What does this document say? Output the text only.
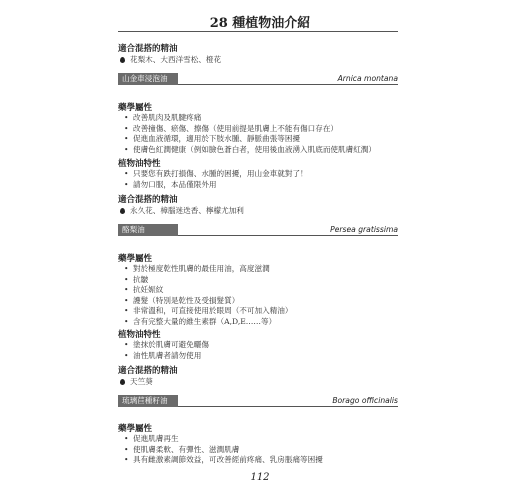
28 種植物油介紹
適合混搭的精油
花梨木、大西洋雪松、橙花
山金車浸泡油	Arnica montana
藥學屬性
• 改善肌肉及肌腱疼痛
• 改善撞傷、瘀傷、擦傷（使用前提是肌膚上不能有傷口存在）
• 促進血液循環，適用於下肢水腫、靜脈曲張等困擾
• 使膚色紅潤健康（例如臉色蒼白者，使用後血液湧入肌底而使肌膚紅潤）
植物油特性
• 只要您有跌打損傷、水腫的困擾，用山金車就對了！
• 請勿口服，本品僅限外用
適合混搭的精油
永久花、樟腦迷迭香、檸檬尤加利
酪梨油	Persea gratissima
藥學屬性
• 對於極度乾性肌膚的最佳用油，高度滋潤
• 抗皺
• 抗妊娠紋
• 護髮（特別是乾性及受損髮質）
• 非常溫和，可直接使用於眼周（不可加入精油）
• 含有完整大量的維生素群（A,D,E……等）
植物油特性
• 塗抹於肌膚可避免曬傷
• 油性肌膚者請勿使用
適合混搭的精油
天竺葵
琉璃苣種籽油	Borago officinalis
藥學屬性
• 促進肌膚再生
• 使肌膚柔軟、有彈性、滋潤肌膚
• 具有雌激素調節效益，可改善經前疼痛、乳房脹痛等困擾
112
